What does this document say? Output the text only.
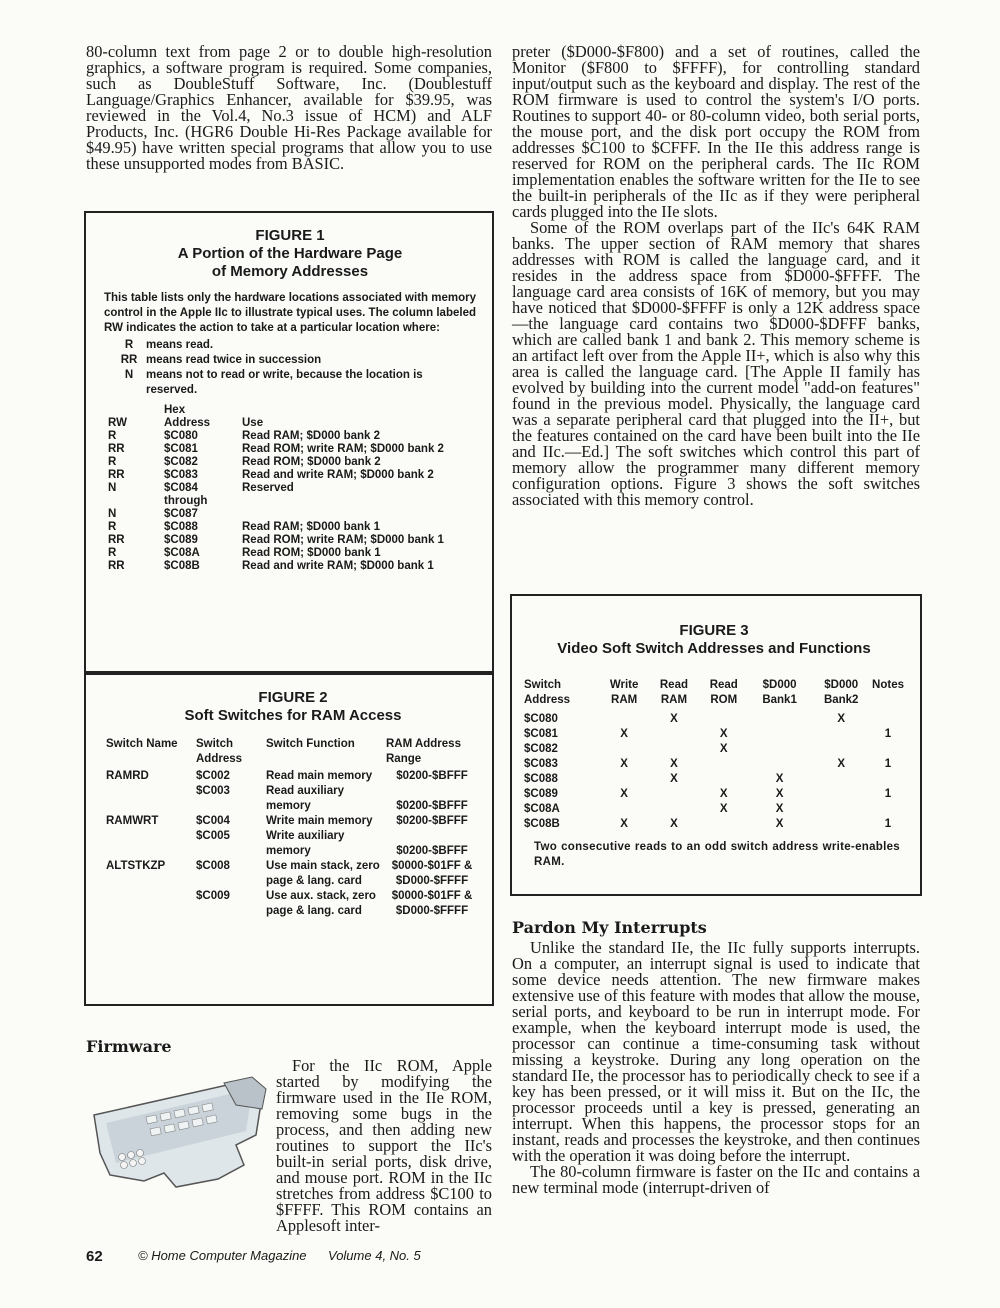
80-column text from page 2 or to double high-resolution graphics, a software program is required. Some companies, such as DoubleStuff Software, Inc. (Doublestuff Language/Graphics Enhancer, available for $39.95, was reviewed in the Vol.4, No.3 issue of HCM) and ALF Products, Inc. (HGR6 Double Hi-Res Package available for $49.95) have written special programs that allow you to use these unsupported modes from BASIC.

FIGURE 1
A Portion of the Hardware Page
of Memory Addresses
This table lists only the hardware locations associated with memory control in the Apple IIc to illustrate typical uses. The column labeled RW indicates the action to take at a particular location where:
R	means read.
RR means read twice in succession
N	means not to read or write, because the location is reserved.
	Hex	
RW	Address	Use
R	$C080	Read RAM; $D000 bank 2
RR	$C081	Read ROM; write RAM; $D000 bank 2
R	$C082	Read ROM; $D000 bank 2
RR	$C083	Read and write RAM; $D000 bank 2
N	$C084 through	Reserved
N	$C087	
R	$C088	Read RAM; $D000 bank 1
RR	$C089	Read ROM; write RAM; $D000 bank 1
R	$C08A	Read ROM; $D000 bank 1
RR	$C08B	Read and write RAM; $D000 bank 1
FIGURE 2
Soft Switches for RAM Access
Switch Name	Switch Address	Switch Function	RAM Address Range
RAMRD	$C002	Read main memory	$0200-$BFFF
	$C003	Read auxiliary memory	$0200-$BFFF
RAMWRT	$C004	Write main memory	$0200-$BFFF
	$C005	Write auxiliary memory	$0200-$BFFF
ALTSTKZP	$C008	Use main stack, zero page & lang. card	$0000-$01FF & $D000-$FFFF
	$C009	Use aux. stack, zero page & lang. card	$0000-$01FF & $D000-$FFFF
Firmware
For the IIc ROM, Apple started by modifying the firmware used in the IIe ROM, removing some bugs in the process, and then adding new routines to support the IIc's built-in serial ports, disk drive, and mouse port. ROM in the IIc stretches from address $C100 to $FFFF. This ROM contains an Applesoft inter-

preter ($D000-$F800) and a set of routines, called the Monitor ($F800 to $FFFF), for controlling standard input/output such as the keyboard and display. The rest of the ROM firmware is used to control the system's I/O ports. Routines to support 40- or 80-column video, both serial ports, the mouse port, and the disk port occupy the ROM from addresses $C100 to $CFFF. In the IIe this address range is reserved for ROM on the peripheral cards. The IIc ROM implementation enables the software written for the IIe to see the built-in peripherals of the IIc as if they were peripheral cards plugged into the IIe slots.

Some of the ROM overlaps part of the IIc's 64K RAM banks. The upper section of RAM memory that shares addresses with ROM is called the language card, and it resides in the address space from $D000-$FFFF. The language card area consists of 16K of memory, but you may have noticed that $D000-$FFFF is only a 12K address space—the language card contains two $D000-$DFFF banks, which are called bank 1 and bank 2. This memory scheme is an artifact left over from the Apple II+, which is also why this area is called the language card. [The Apple II family has evolved by building into the current model "add-on features" found in the previous model. Physically, the language card was a separate peripheral card that plugged into the II+, but the features contained on the card have been built into the IIe and IIc.—Ed.] The soft switches which control this part of memory allow the programmer many different memory configuration options. Figure 3 shows the soft switches associated with this memory control.

FIGURE 3
Video Soft Switch Addresses and Functions
Switch Address	Write RAM	Read RAM	Read ROM	$D000 Bank1	$D000 Bank2	Notes
$C080		X			X	
$C081	X		X			1
$C082			X			
$C083	X	X			X	1
$C088		X		X		
$C089	X		X	X		1
$C08A			X	X		
$C08B	X	X		X		1
Two consecutive reads to an odd switch address write-enables RAM.
Pardon My Interrupts

Unlike the standard IIe, the IIc fully supports interrupts. On a computer, an interrupt signal is used to indicate that some device needs attention. The new firmware makes extensive use of this feature with modes that allow the mouse, serial ports, and keyboard to be run in interrupt mode. For example, when the keyboard interrupt mode is used, the processor can continue a time-consuming task without missing a keystroke. During any long operation on the standard IIe, the processor has to periodically check to see if a key has been pressed, or it will miss it. But on the IIc, the processor proceeds until a key is pressed, generating an interrupt. When this happens, the processor stops for an instant, reads and processes the keystroke, and then continues with the operation it was doing before the interrupt.

The 80-column firmware is faster on the IIc and contains a new terminal mode (interrupt-driven of

62	© Home Computer Magazine	Volume 4, No. 5
